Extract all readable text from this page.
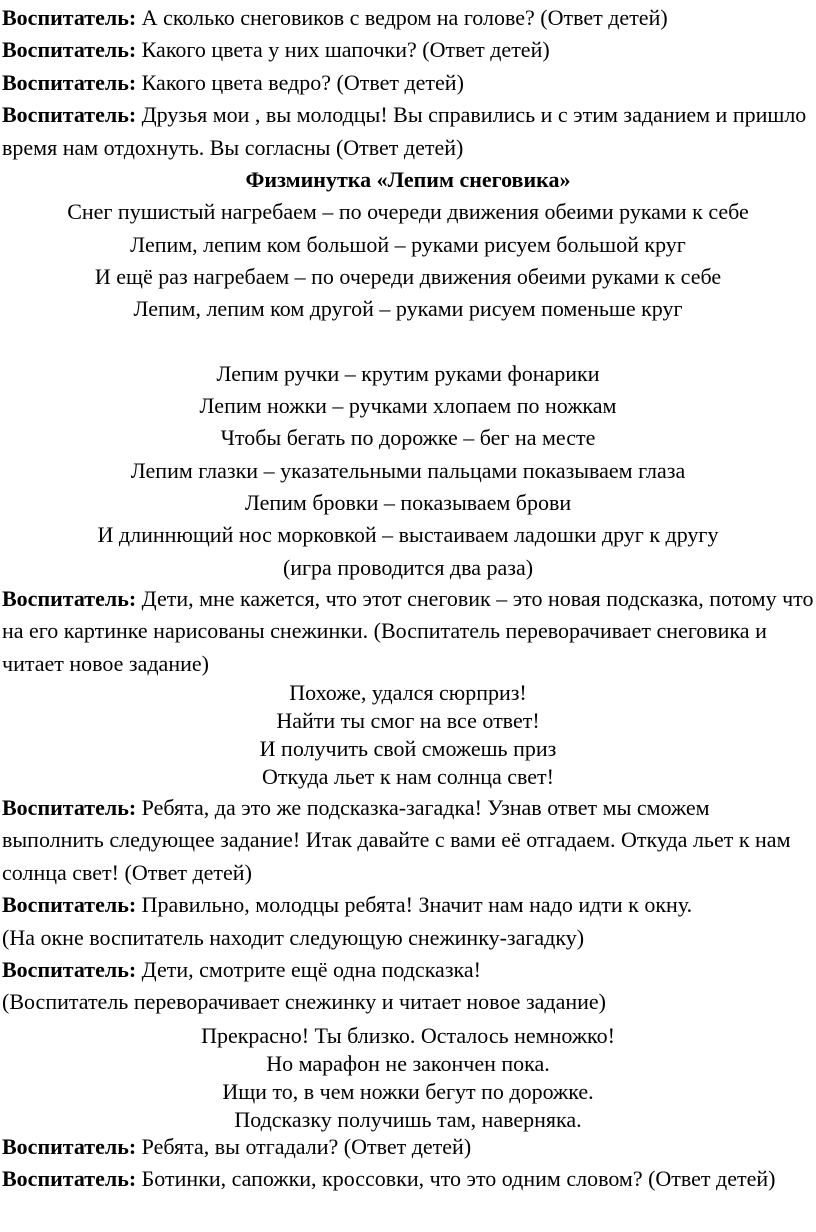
Воспитатель: А сколько снеговиков с ведром на голове? (Ответ детей)
Воспитатель: Какого цвета у них шапочки? (Ответ детей)
Воспитатель: Какого цвета ведро? (Ответ детей)
Воспитатель: Друзья мои , вы молодцы! Вы справились и с этим заданием и пришло время нам отдохнуть. Вы согласны (Ответ детей)
Физминутка «Лепим снеговика»
Снег пушистый нагребаем – по очереди движения обеими руками к себе
Лепим, лепим ком большой – руками рисуем большой круг
И ещё раз нагребаем – по очереди движения обеими руками к себе
Лепим, лепим ком другой – руками рисуем поменьше круг

Лепим ручки – крутим руками фонарики
Лепим ножки – ручками хлопаем по ножкам
Чтобы бегать по дорожке – бег на месте
Лепим глазки – указательными пальцами показываем глаза
Лепим бровки – показываем брови
И длиннющий нос морковкой – выстаиваем ладошки друг к другу
(игра проводится два раза)
Воспитатель: Дети, мне кажется, что этот снеговик – это новая подсказка, потому что на его картинке нарисованы снежинки. (Воспитатель переворачивает снеговика и читает новое задание)
Похоже, удался сюрприз!
Найти ты смог на все ответ!
И получить свой сможешь приз
Откуда льет к нам солнца свет!
Воспитатель: Ребята, да это же подсказка-загадка! Узнав ответ мы сможем выполнить следующее задание! Итак давайте с вами её отгадаем. Откуда льет к нам солнца свет! (Ответ детей)
Воспитатель: Правильно, молодцы ребята! Значит нам надо идти к окну.
(На окне воспитатель находит следующую снежинку-загадку)
Воспитатель: Дети, смотрите ещё одна подсказка!
(Воспитатель переворачивает снежинку и читает новое задание)
Прекрасно! Ты близко. Осталось немножко!
Но марафон не закончен пока.
Ищи то, в чем ножки бегут по дорожке.
Подсказку получишь там, наверняка.
Воспитатель: Ребята, вы отгадали? (Ответ детей)
Воспитатель: Ботинки, сапожки, кроссовки, что это одним словом? (Ответ детей)
